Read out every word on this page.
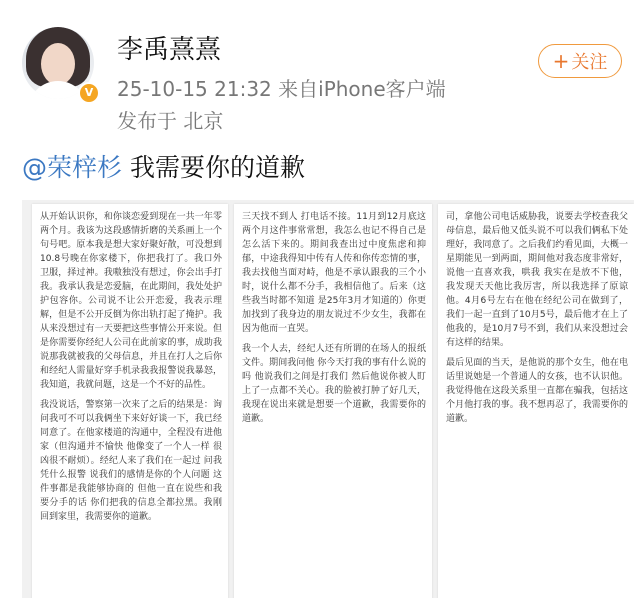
V
李禹熹熹
25-10-15 21:32 来自iPhone客户端
发布于 北京
+ 关注
@荣梓杉 我需要你的道歉

从开始认识你，和你谈恋爱到现在一共一年零两个月。我该为这段感情折磨的关系画上一个句号吧。原本我是想大家好聚好散，可没想到10.8号晚在你家楼下，你把我打了。我口外卫服，择过神。我嗷独没有想过，你会出手打我。我承认我是恋爱脑，在此期间，我处处护护包容你。公司说不让公开恋爱，我表示理解，但是不公开反倒为你出轨打起了掩护。我从来没想过有一天要把这些事情公开来说。但是你需要你经纪人公司在此前家的事，成助我说那我就被我的父母信息，并且在打人之后你和经纪人需量好穿手机录我我报警说我暴怒，我知道，我就问题，这是一个不好的品性。

我没说话，警察第一次来了之后的结果是：询问我可不可以我俩坐下来好好谈一下，我已经同意了。在他家楼道的沟通中，全程没有进他家（但沟通并不愉快 他像变了一个人一样 很凶很不耐烦）。经纪人来了我们在一起过 问我凭什么报警 说我们的感情是你的个人问题 这件事都是我能够协商的 但他一直在说些和我要分手的话 你们把我的信息全都拉黑。我刚回到家里，我需要你的道歉。

三天找不到人 打电话不接。11月到12月底这两个月这件事常常想，我怎么也记不得自己是怎么活下来的。期间我查出过中度焦虑和抑郁，中途我得知中传有人传和你传恋情的事，我去找他当面对峙，他是不承认跟我的三个小时，说什么都不分手，我相信他了。后来（这些我当时都不知道 是25年3月才知道的）你更加找到了我身边的朋友说过不少女生，我都在因为他而一直哭。

我一个人去，经纪人还有所谓的在场人的报纸文件。期间我问他 你今天打我的事有什么说的吗 他说我们之间是打我们 然后他说你被人盯上了一点都不关心。我的脸被打肿了好几天，我现在说出来就是想要一个道歉，我需要你的道歉。

司，拿他公司电话威胁我，说要去学校查我父母信息，最后他又低头说不可以我们俩私下处理好，我同意了。之后我们约看见面，大概一星期能见一到两面，期间他对我态度非常好，说他一直喜欢我，哄我 我实在是放不下他，我发现天天他比我厉害，所以我选择了原谅他。4月6号左右在他在经纪公司在做到了，我们一起一直到了10月5号，最后他才在上了他我的，是10月7号不到，我们从来没想过会有这样的结果。

最后见面的当天，是他说的那个女生，他在电话里说她是一个普通人的女孩，也不认识他。我觉得他在这段关系里一直都在骗我，包括这个月他打我的事。我不想再忍了，我需要你的道歉。
